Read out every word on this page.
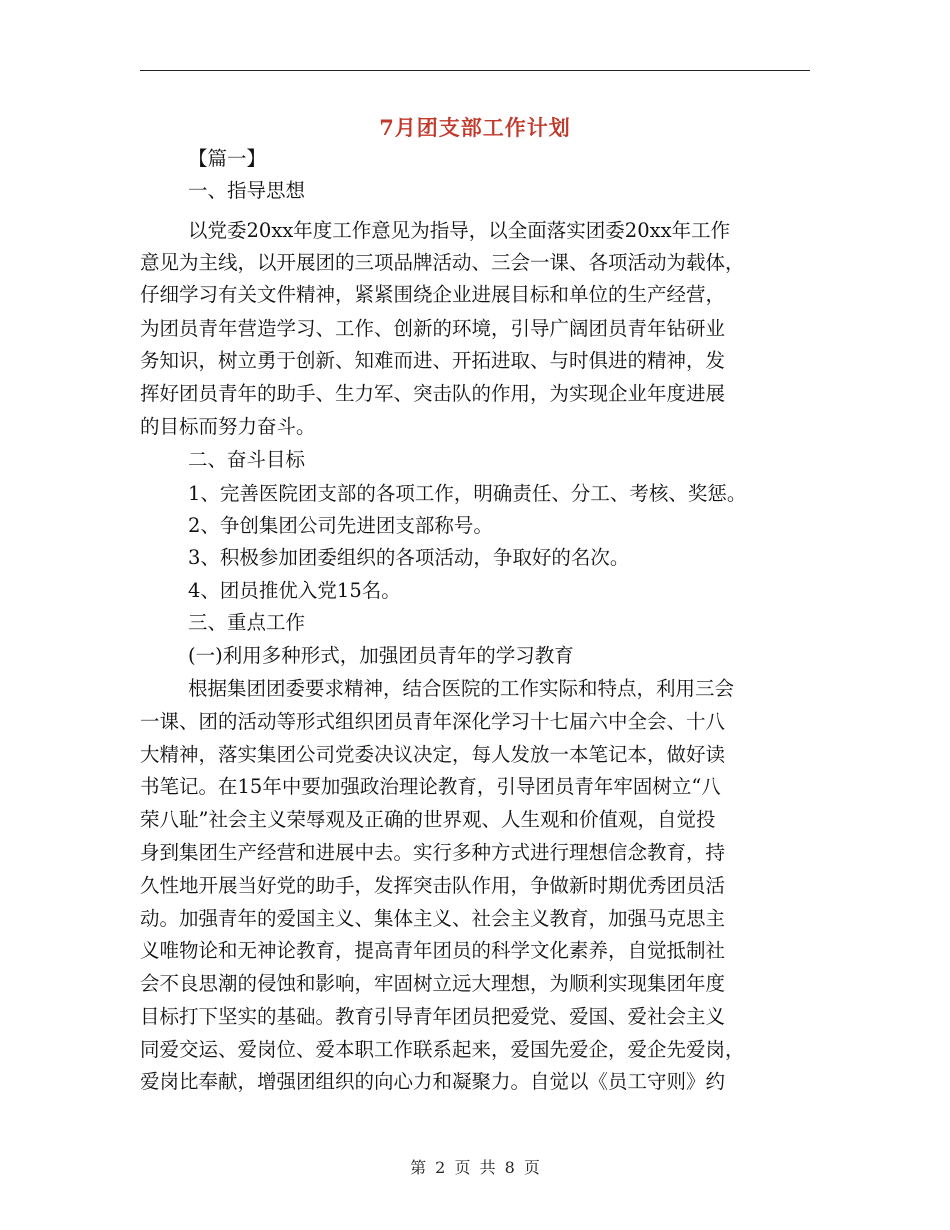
7月团支部工作计划
【篇一】
一、指导思想
以党委20xx年度工作意见为指导，以全面落实团委20xx年工作
意见为主线，以开展团的三项品牌活动、三会一课、各项活动为载体，
仔细学习有关文件精神，紧紧围绕企业进展目标和单位的生产经营，
为团员青年营造学习、工作、创新的环境，引导广阔团员青年钻研业
务知识，树立勇于创新、知难而进、开拓进取、与时俱进的精神，发
挥好团员青年的助手、生力军、突击队的作用，为实现企业年度进展
的目标而努力奋斗。
二、奋斗目标
1、完善医院团支部的各项工作，明确责任、分工、考核、奖惩。
2、争创集团公司先进团支部称号。
3、积极参加团委组织的各项活动，争取好的名次。
4、团员推优入党15名。
三、重点工作
(一)利用多种形式，加强团员青年的学习教育
根据集团团委要求精神，结合医院的工作实际和特点，利用三会
一课、团的活动等形式组织团员青年深化学习十七届六中全会、十八
大精神，落实集团公司党委决议决定，每人发放一本笔记本，做好读
书笔记。在15年中要加强政治理论教育，引导团员青年牢固树立“八
荣八耻”社会主义荣辱观及正确的世界观、人生观和价值观，自觉投
身到集团生产经营和进展中去。实行多种方式进行理想信念教育，持
久性地开展当好党的助手，发挥突击队作用，争做新时期优秀团员活
动。加强青年的爱国主义、集体主义、社会主义教育，加强马克思主
义唯物论和无神论教育，提高青年团员的科学文化素养，自觉抵制社
会不良思潮的侵蚀和影响，牢固树立远大理想，为顺利实现集团年度
目标打下坚实的基础。教育引导青年团员把爱党、爱国、爱社会主义
同爱交运、爱岗位、爱本职工作联系起来，爱国先爱企，爱企先爱岗，
爱岗比奉献，增强团组织的向心力和凝聚力。自觉以《员工守则》约
第 2 页 共 8 页
